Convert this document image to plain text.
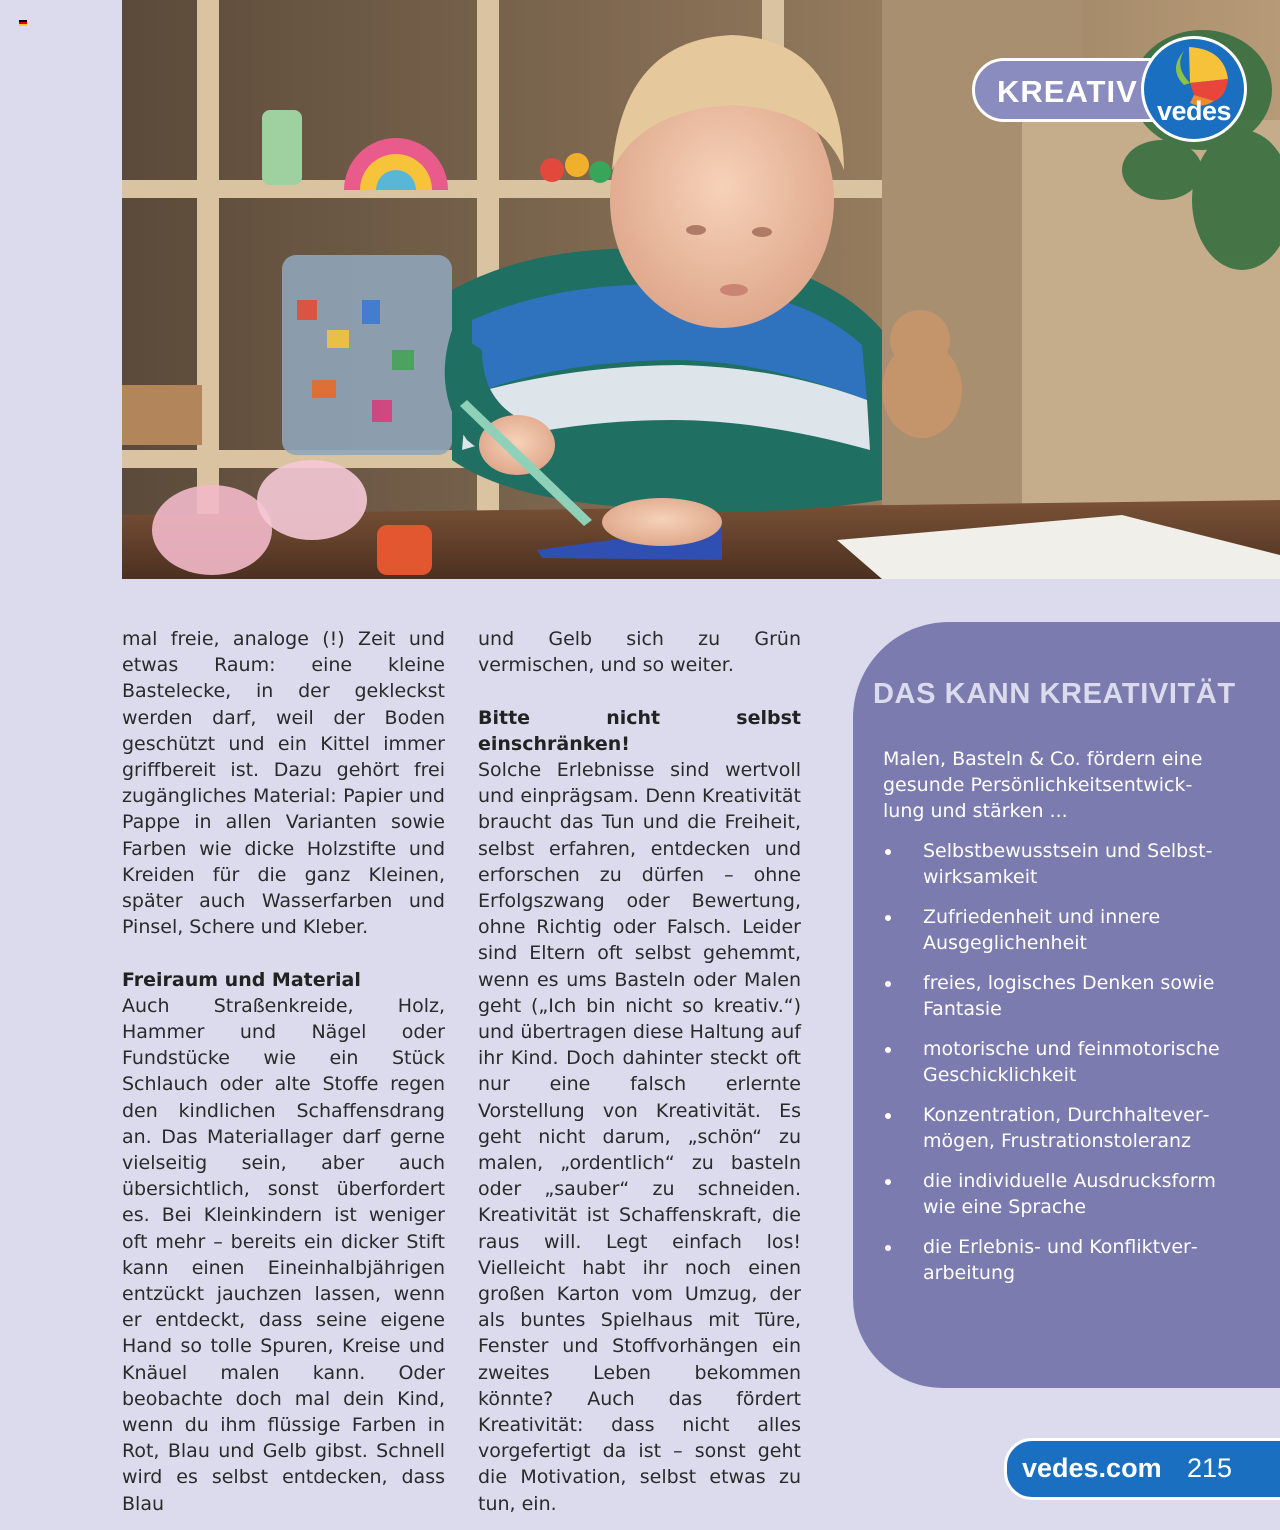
KREATIV
vedes

mal freie, analoge (!) Zeit und etwas Raum: eine kleine Bastelecke, in der gekleckst werden darf, weil der Boden geschützt und ein Kittel immer griffbereit ist. Dazu gehört frei zugängliches Material: Papier und Pappe in allen Varianten sowie Farben wie dicke Holzstifte und Kreiden für die ganz Kleinen, später auch Wasserfarben und Pinsel, Schere und Kleber.

Freiraum und Material

Auch Straßenkreide, Holz, Hammer und Nägel oder Fundstücke wie ein Stück Schlauch oder alte Stoffe regen den kindlichen Schaffensdrang an. Das Materiallager darf gerne vielseitig sein, aber auch übersichtlich, sonst überfordert es. Bei Kleinkindern ist weniger oft mehr – bereits ein dicker Stift kann einen Eineinhalbjährigen entzückt jauchzen lassen, wenn er entdeckt, dass seine eigene Hand so tolle Spuren, Kreise und Knäuel malen kann. Oder beobachte doch mal dein Kind, wenn du ihm flüssige Farben in Rot, Blau und Gelb gibst. Schnell wird es selbst entdecken, dass Blau

und Gelb sich zu Grün vermischen, und so weiter.

Bitte nicht selbst einschränken!

Solche Erlebnisse sind wertvoll und einprägsam. Denn Kreativität braucht das Tun und die Freiheit, selbst erfahren, entdecken und erforschen zu dürfen – ohne Erfolgszwang oder Bewertung, ohne Richtig oder Falsch. Leider sind Eltern oft selbst gehemmt, wenn es ums Basteln oder Malen geht („Ich bin nicht so kreativ.“) und übertragen diese Haltung auf ihr Kind. Doch dahinter steckt oft nur eine falsch erlernte Vorstellung von Kreativität. Es geht nicht darum, „schön“ zu malen, „ordentlich“ zu basteln oder „sauber“ zu schneiden. Kreativität ist Schaffenskraft, die raus will. Legt einfach los! Vielleicht habt ihr noch einen großen Karton vom Umzug, der als buntes Spielhaus mit Türe, Fenster und Stoffvorhängen ein zweites Leben bekommen könnte? Auch das fördert Kreativität: dass nicht alles vorgefertigt da ist – sonst geht die Motivation, selbst etwas zu tun, ein.

DAS KANN KREATIVITÄT

Malen, Basteln & Co. fördern eine gesunde Persönlichkeitsentwicklung und stärken ...

Selbstbewusstsein und Selbstwirksamkeit
Zufriedenheit und innere Ausgeglichenheit
freies, logisches Denken sowie Fantasie
motorische und feinmotorische Geschicklichkeit
Konzentration, Durchhaltevermögen, Frustrationstoleranz
die individuelle Ausdrucksform wie eine Sprache
die Erlebnis- und Konfliktverarbeitung
vedes.com 215
